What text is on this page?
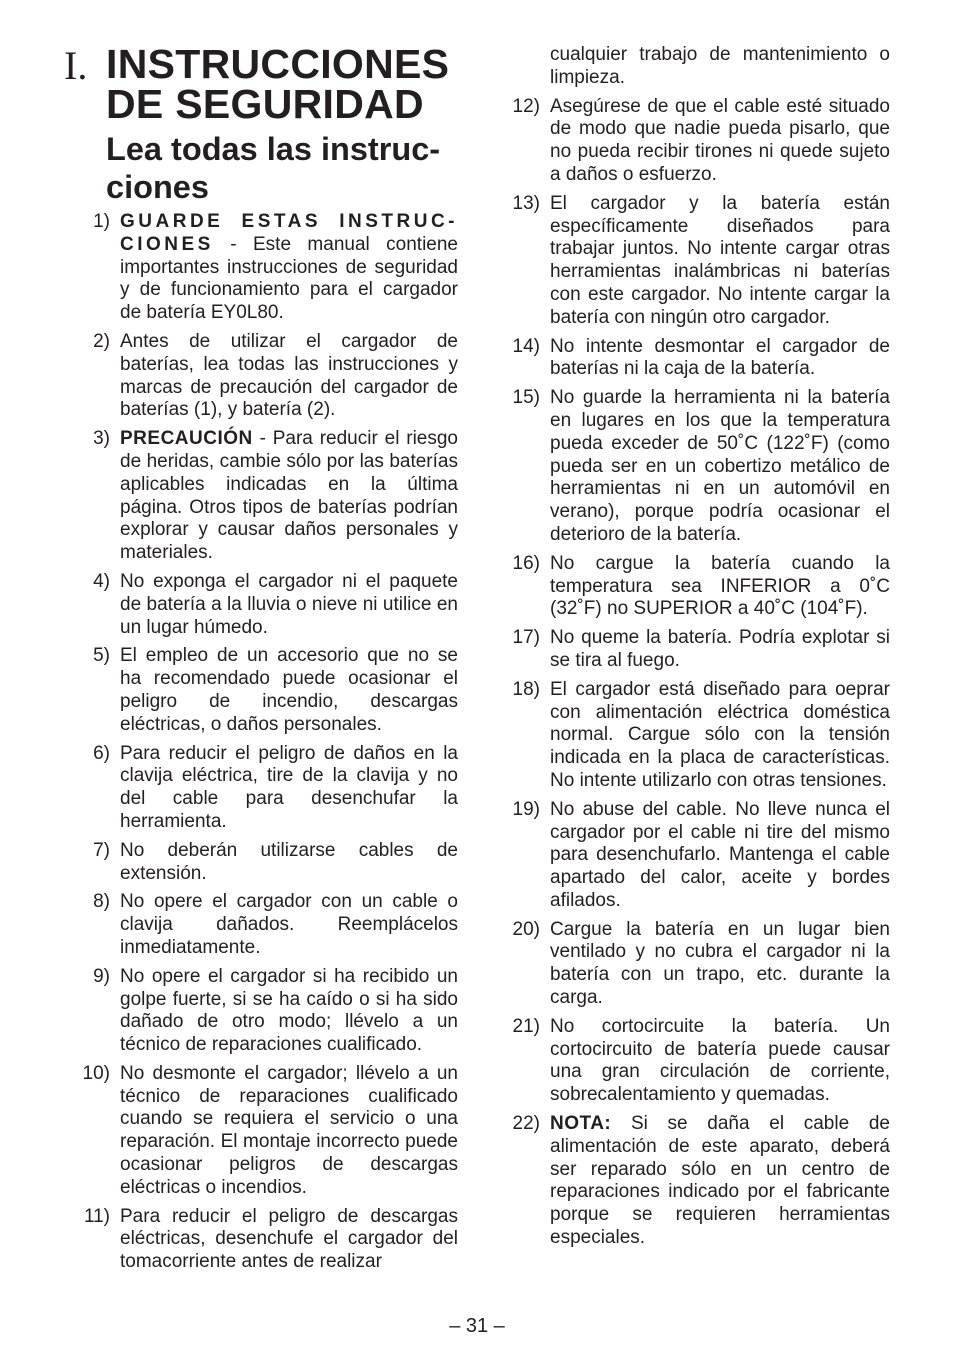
I. INSTRUCCIONES
DE SEGURIDAD
Lea todas las instruc-
ciones
1) GUARDE ESTAS INSTRUC-CIONES - Este manual contiene importantes instrucciones de seguridad y de funcionamiento para el cargador de batería EY0L80.
2) Antes de utilizar el cargador de baterías, lea todas las instrucciones y marcas de precaución del cargador de baterías (1), y batería (2).
3) PRECAUCIÓN - Para reducir el riesgo de heridas, cambie sólo por las baterías aplicables indicadas en la última página. Otros tipos de baterías podrían explorar y causar daños personales y materiales.
4) No exponga el cargador ni el paquete de batería a la lluvia o nieve ni utilice en un lugar húmedo.
5) El empleo de un accesorio que no se ha recomendado puede ocasionar el peligro de incendio, descargas eléctricas, o daños personales.
6) Para reducir el peligro de daños en la clavija eléctrica, tire de la clavija y no del cable para desenchufar la herramienta.
7) No deberán utilizarse cables de extensión.
8) No opere el cargador con un cable o clavija dañados. Reemplácelos inmediatamente.
9) No opere el cargador si ha recibido un golpe fuerte, si se ha caído o si ha sido dañado de otro modo; llévelo a un técnico de reparaciones cualificado.
10) No desmonte el cargador; llévelo a un técnico de reparaciones cualificado cuando se requiera el servicio o una reparación. El montaje incorrecto puede ocasionar peligros de descargas eléctricas o incendios.
11) Para reducir el peligro de descargas eléctricas, desenchufe el cargador del tomacorriente antes de realizar
cualquier trabajo de mantenimiento o limpieza.
12) Asegúrese de que el cable esté situado de modo que nadie pueda pisarlo, que no pueda recibir tirones ni quede sujeto a daños o esfuerzo.
13) El cargador y la batería están específicamente diseñados para trabajar juntos. No intente cargar otras herramientas inalámbricas ni baterías con este cargador. No intente cargar la batería con ningún otro cargador.
14) No intente desmontar el cargador de baterías ni la caja de la batería.
15) No guarde la herramienta ni la batería en lugares en los que la temperatura pueda exceder de 50˚C (122˚F) (como pueda ser en un cobertizo metálico de herramientas ni en un automóvil en verano), porque podría ocasionar el deterioro de la batería.
16) No cargue la batería cuando la temperatura sea INFERIOR a 0˚C (32˚F) no SUPERIOR a 40˚C (104˚F).
17) No queme la batería. Podría explotar si se tira al fuego.
18) El cargador está diseñado para oeprar con alimentación eléctrica doméstica normal. Cargue sólo con la tensión indicada en la placa de características. No intente utilizarlo con otras tensiones.
19) No abuse del cable. No lleve nunca el cargador por el cable ni tire del mismo para desenchufarlo. Mantenga el cable apartado del calor, aceite y bordes afilados.
20) Cargue la batería en un lugar bien ventilado y no cubra el cargador ni la batería con un trapo, etc. durante la carga.
21) No cortocircuite la batería. Un cortocircuito de batería puede causar una gran circulación de corriente, sobrecalentamiento y quemadas.
22) NOTA: Si se daña el cable de alimentación de este aparato, deberá ser reparado sólo en un centro de reparaciones indicado por el fabricante porque se requieren herramientas especiales.
– 31 –
